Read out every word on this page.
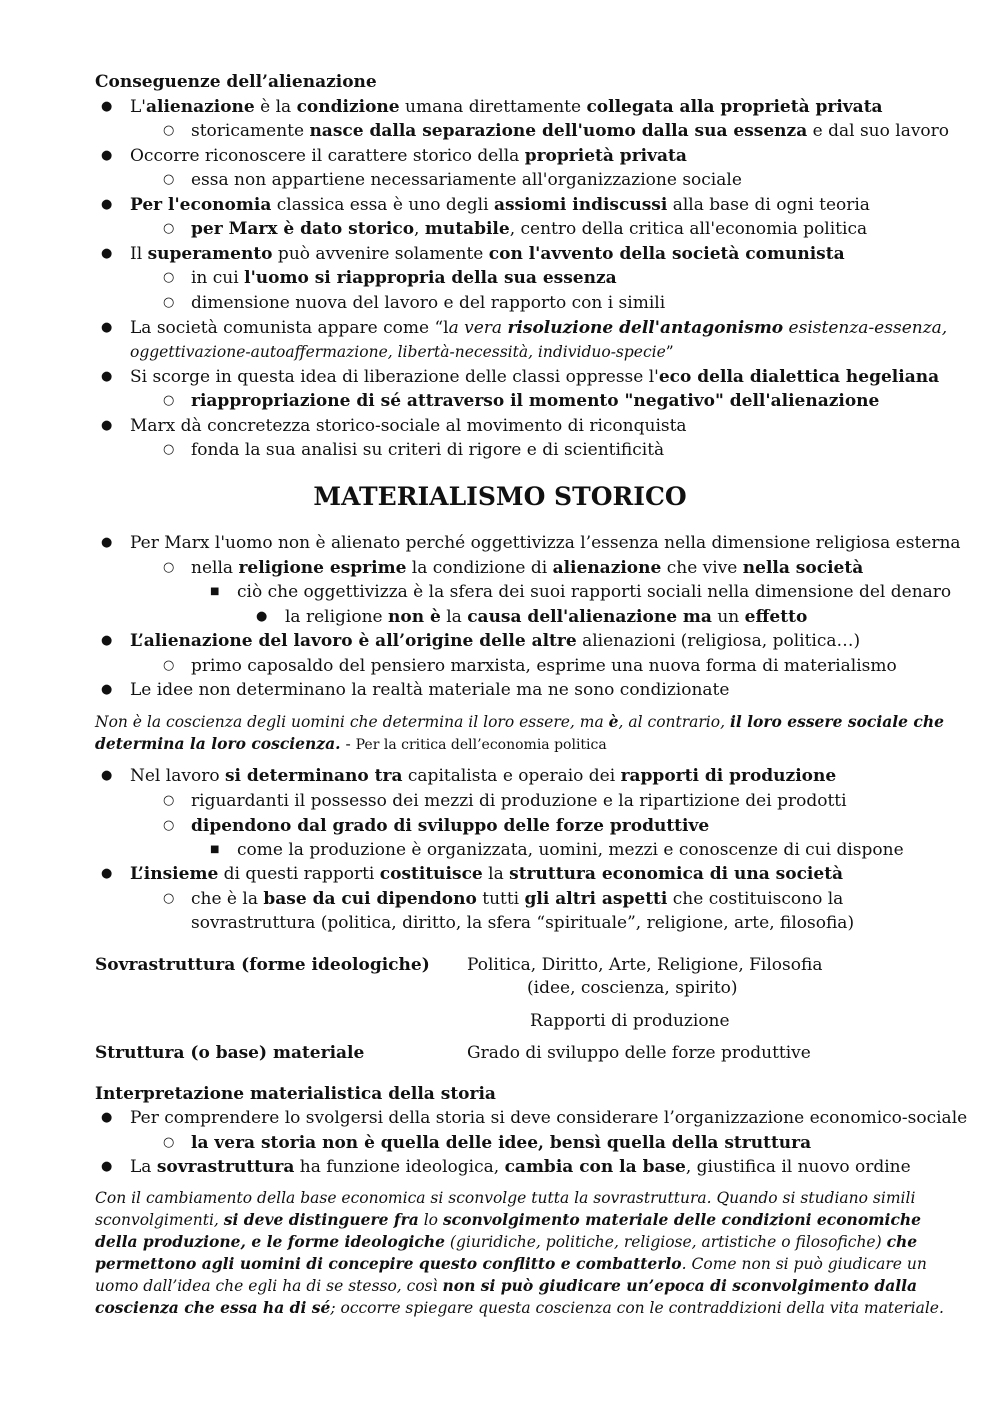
Conseguenze dell’alienazione
● L'alienazione è la condizione umana direttamente collegata alla proprietà privata
○ storicamente nasce dalla separazione dell'uomo dalla sua essenza e dal suo lavoro
● Occorre riconoscere il carattere storico della proprietà privata
○ essa non appartiene necessariamente all'organizzazione sociale
● Per l'economia classica essa è uno degli assiomi indiscussi alla base di ogni teoria
○ per Marx è dato storico, mutabile, centro della critica all'economia politica
● Il superamento può avvenire solamente con l'avvento della società comunista
○ in cui l'uomo si riappropria della sua essenza
○ dimensione nuova del lavoro e del rapporto con i simili
● La società comunista appare come “la vera risoluzione dell'antagonismo esistenza-essenza,
oggettivazione-autoaffermazione, libertà-necessità, individuo-specie”
● Si scorge in questa idea di liberazione delle classi oppresse l'eco della dialettica hegeliana
○ riappropriazione di sé attraverso il momento "negativo" dell'alienazione
● Marx dà concretezza storico-sociale al movimento di riconquista
○ fonda la sua analisi su criteri di rigore e di scientificità
MATERIALISMO STORICO
● Per Marx l'uomo non è alienato perché oggettivizza l’essenza nella dimensione religiosa esterna
○ nella religione esprime la condizione di alienazione che vive nella società
■ ciò che oggettivizza è la sfera dei suoi rapporti sociali nella dimensione del denaro
● la religione non è la causa dell'alienazione ma un effetto
● L’alienazione del lavoro è all’origine delle altre alienazioni (religiosa, politica…)
○ primo caposaldo del pensiero marxista, esprime una nuova forma di materialismo
● Le idee non determinano la realtà materiale ma ne sono condizionate
Non è la coscienza degli uomini che determina il loro essere, ma è, al contrario, il loro essere sociale che
determina la loro coscienza. - Per la critica dell’economia politica
● Nel lavoro si determinano tra capitalista e operaio dei rapporti di produzione
○ riguardanti il possesso dei mezzi di produzione e la ripartizione dei prodotti
○ dipendono dal grado di sviluppo delle forze produttive
■ come la produzione è organizzata, uomini, mezzi e conoscenze di cui dispone
● L’insieme di questi rapporti costituisce la struttura economica di una società
○ che è la base da cui dipendono tutti gli altri aspetti che costituiscono la
sovrastruttura (politica, diritto, la sfera “spirituale”, religione, arte, filosofia)
Sovrastruttura (forme ideologiche) Politica, Diritto, Arte, Religione, Filosofia
(idee, coscienza, spirito)
Rapporti di produzione
Struttura (o base) materiale	Grado di sviluppo delle forze produttive
Interpretazione materialistica della storia
● Per comprendere lo svolgersi della storia si deve considerare l’organizzazione economico-sociale
○ la vera storia non è quella delle idee, bensì quella della struttura
● La sovrastruttura ha funzione ideologica, cambia con la base, giustifica il nuovo ordine
Con il cambiamento della base economica si sconvolge tutta la sovrastruttura. Quando si studiano simili
sconvolgimenti, si deve distinguere fra lo sconvolgimento materiale delle condizioni economiche
della produzione, e le forme ideologiche (giuridiche, politiche, religiose, artistiche o filosofiche) che
permettono agli uomini di concepire questo conflitto e combatterlo. Come non si può giudicare un
uomo dall’idea che egli ha di se stesso, così non si può giudicare un’epoca di sconvolgimento dalla
coscienza che essa ha di sé; occorre spiegare questa coscienza con le contraddizioni della vita materiale.
